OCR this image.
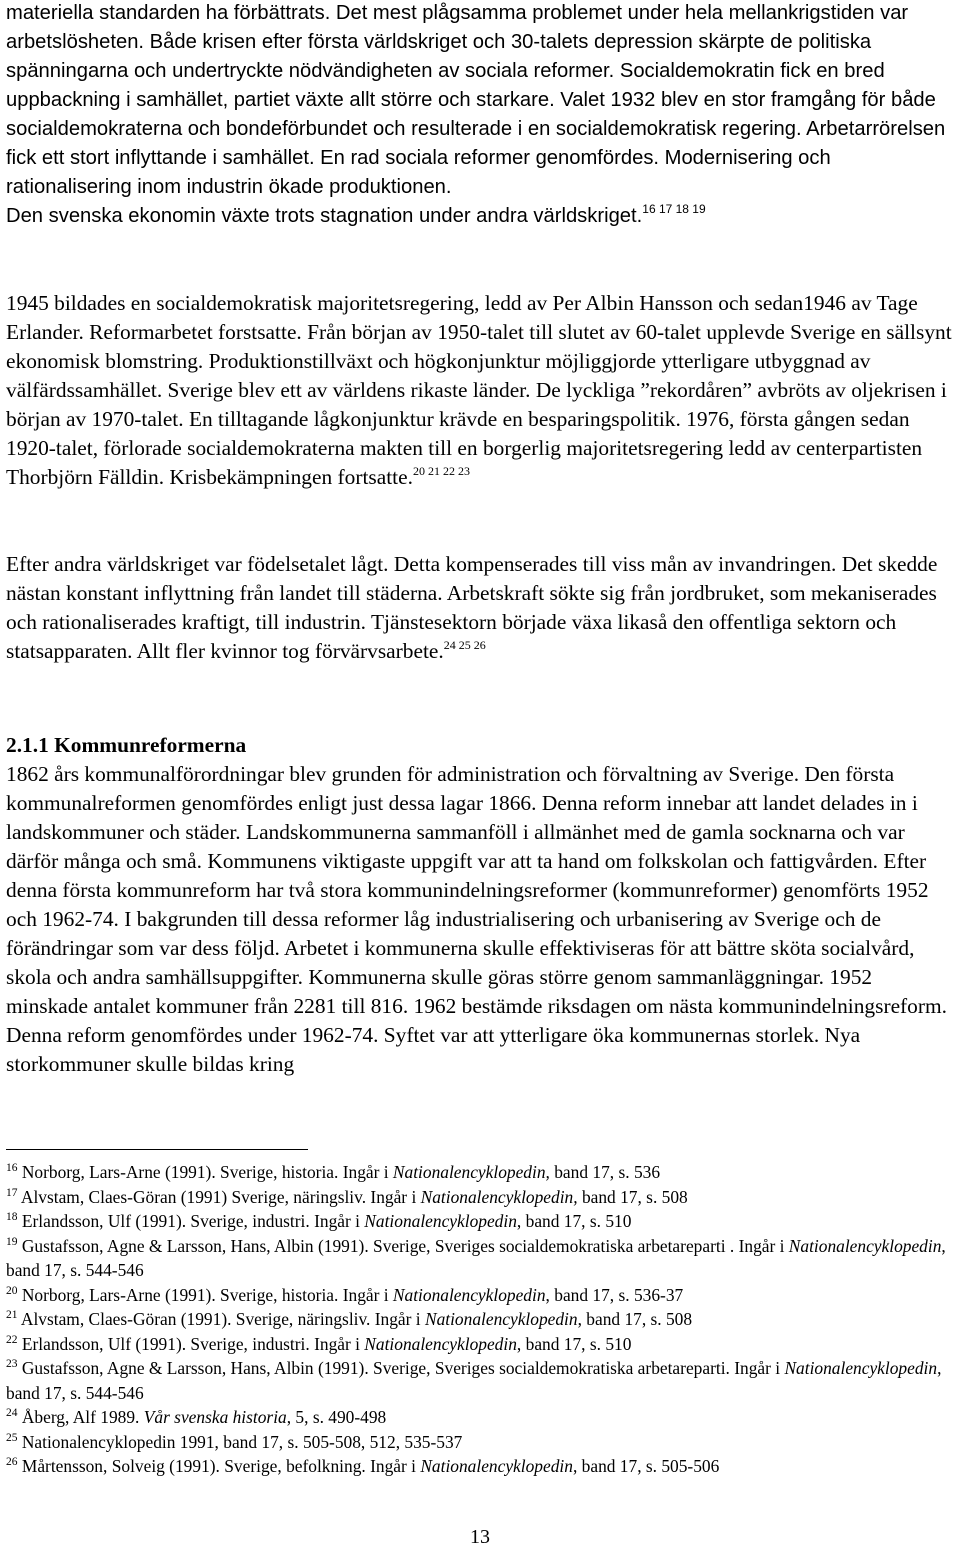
materiella standarden ha förbättrats. Det mest plågsamma problemet under hela mellankrigstiden var arbetslösheten. Både krisen efter första världskriget och 30-talets depression skärpte de politiska spänningarna och undertryckte nödvändigheten av sociala reformer. Socialdemokratin fick en bred uppbackning i samhället, partiet växte allt större och starkare. Valet 1932 blev en stor framgång för både socialdemokraterna och bondeförbundet och resulterade i en socialdemokratisk regering. Arbetarrörelsen fick ett stort inflyttande i samhället. En rad sociala reformer genomfördes. Modernisering och rationalisering inom industrin ökade produktionen.
Den svenska ekonomin växte trots stagnation under andra världskriget.$^{16 17 18 19}$

1945 bildades en socialdemokratisk majoritetsregering, ledd av Per Albin Hansson och sedan1946 av Tage Erlander. Reformarbetet forstsatte. Från början av 1950-talet till slutet av 60-talet upplevde Sverige en sällsynt ekonomisk blomstring. Produktionstillväxt och högkonjunktur möjliggjorde ytterligare utbyggnad av välfärdssamhället. Sverige blev ett av världens rikaste länder. De lyckliga ”rekordåren” avbröts av oljekrisen i början av 1970-talet. En tilltagande lågkonjunktur krävde en besparingspolitik. 1976, första gången sedan 1920-talet, förlorade socialdemokraterna makten till en borgerlig majoritetsregering ledd av centerpartisten Thorbjörn Fälldin. Krisbekämpningen fortsatte.$^{20 21 22 23}$

Efter andra världskriget var födelsetalet lågt. Detta kompenserades till viss mån av invandringen. Det skedde nästan konstant inflyttning från landet till städerna. Arbetskraft sökte sig från jordbruket, som mekaniserades och rationaliserades kraftigt, till industrin. Tjänstesektorn började växa likaså den offentliga sektorn och statsapparaten. Allt fler kvinnor tog förvärvsarbete.$^{24 25 26}$

2.1.1 Kommunreformerna

1862 års kommunalförordningar blev grunden för administration och förvaltning av Sverige. Den första kommunalreformen genomfördes enligt just dessa lagar 1866. Denna reform innebar att landet delades in i landskommuner och städer. Landskommunerna sammanföll i allmänhet med de gamla socknarna och var därför många och små. Kommunens viktigaste uppgift var att ta hand om folkskolan och fattigvården. Efter denna första kommunreform har två stora kommunindelningsreformer (kommunreformer) genomförts 1952 och 1962-74. I bakgrunden till dessa reformer låg industrialisering och urbanisering av Sverige och de förändringar som var dess följd. Arbetet i kommunerna skulle effektiviseras för att bättre sköta socialvård, skola och andra samhällsuppgifter. Kommunerna skulle göras större genom sammanläggningar. 1952 minskade antalet kommuner från 2281 till 816. 1962 bestämde riksdagen om nästa kommunindelningsreform. Denna reform genomfördes under 1962-74. Syftet var att ytterligare öka kommunernas storlek. Nya storkommuner skulle bildas kring

$^{16}$ Norborg, Lars-Arne (1991). Sverige, historia. Ingår i Nationalencyklopedin, band 17, s. 536
$^{17}$ Alvstam, Claes-Göran (1991) Sverige, näringsliv. Ingår i Nationalencyklopedin, band 17, s. 508
$^{18}$ Erlandsson, Ulf (1991). Sverige, industri. Ingår i Nationalencyklopedin, band 17, s. 510
$^{19}$ Gustafsson, Agne & Larsson, Hans, Albin (1991). Sverige, Sveriges socialdemokratiska arbetareparti . Ingår i Nationalencyklopedin, band 17, s. 544-546
$^{20}$ Norborg, Lars-Arne (1991). Sverige, historia. Ingår i Nationalencyklopedin, band 17, s. 536-37
$^{21}$ Alvstam, Claes-Göran (1991). Sverige, näringsliv. Ingår i Nationalencyklopedin, band 17, s. 508
$^{22}$ Erlandsson, Ulf (1991). Sverige, industri. Ingår i Nationalencyklopedin, band 17, s. 510
$^{23}$ Gustafsson, Agne & Larsson, Hans, Albin (1991). Sverige, Sveriges socialdemokratiska arbetareparti. Ingår i Nationalencyklopedin, band 17, s. 544-546
$^{24}$ Åberg, Alf 1989. Vår svenska historia, 5, s. 490-498
$^{25}$ Nationalencyklopedin 1991, band 17, s. 505-508, 512, 535-537
$^{26}$ Mårtensson, Solveig (1991). Sverige, befolkning. Ingår i Nationalencyklopedin, band 17, s. 505-506
13
